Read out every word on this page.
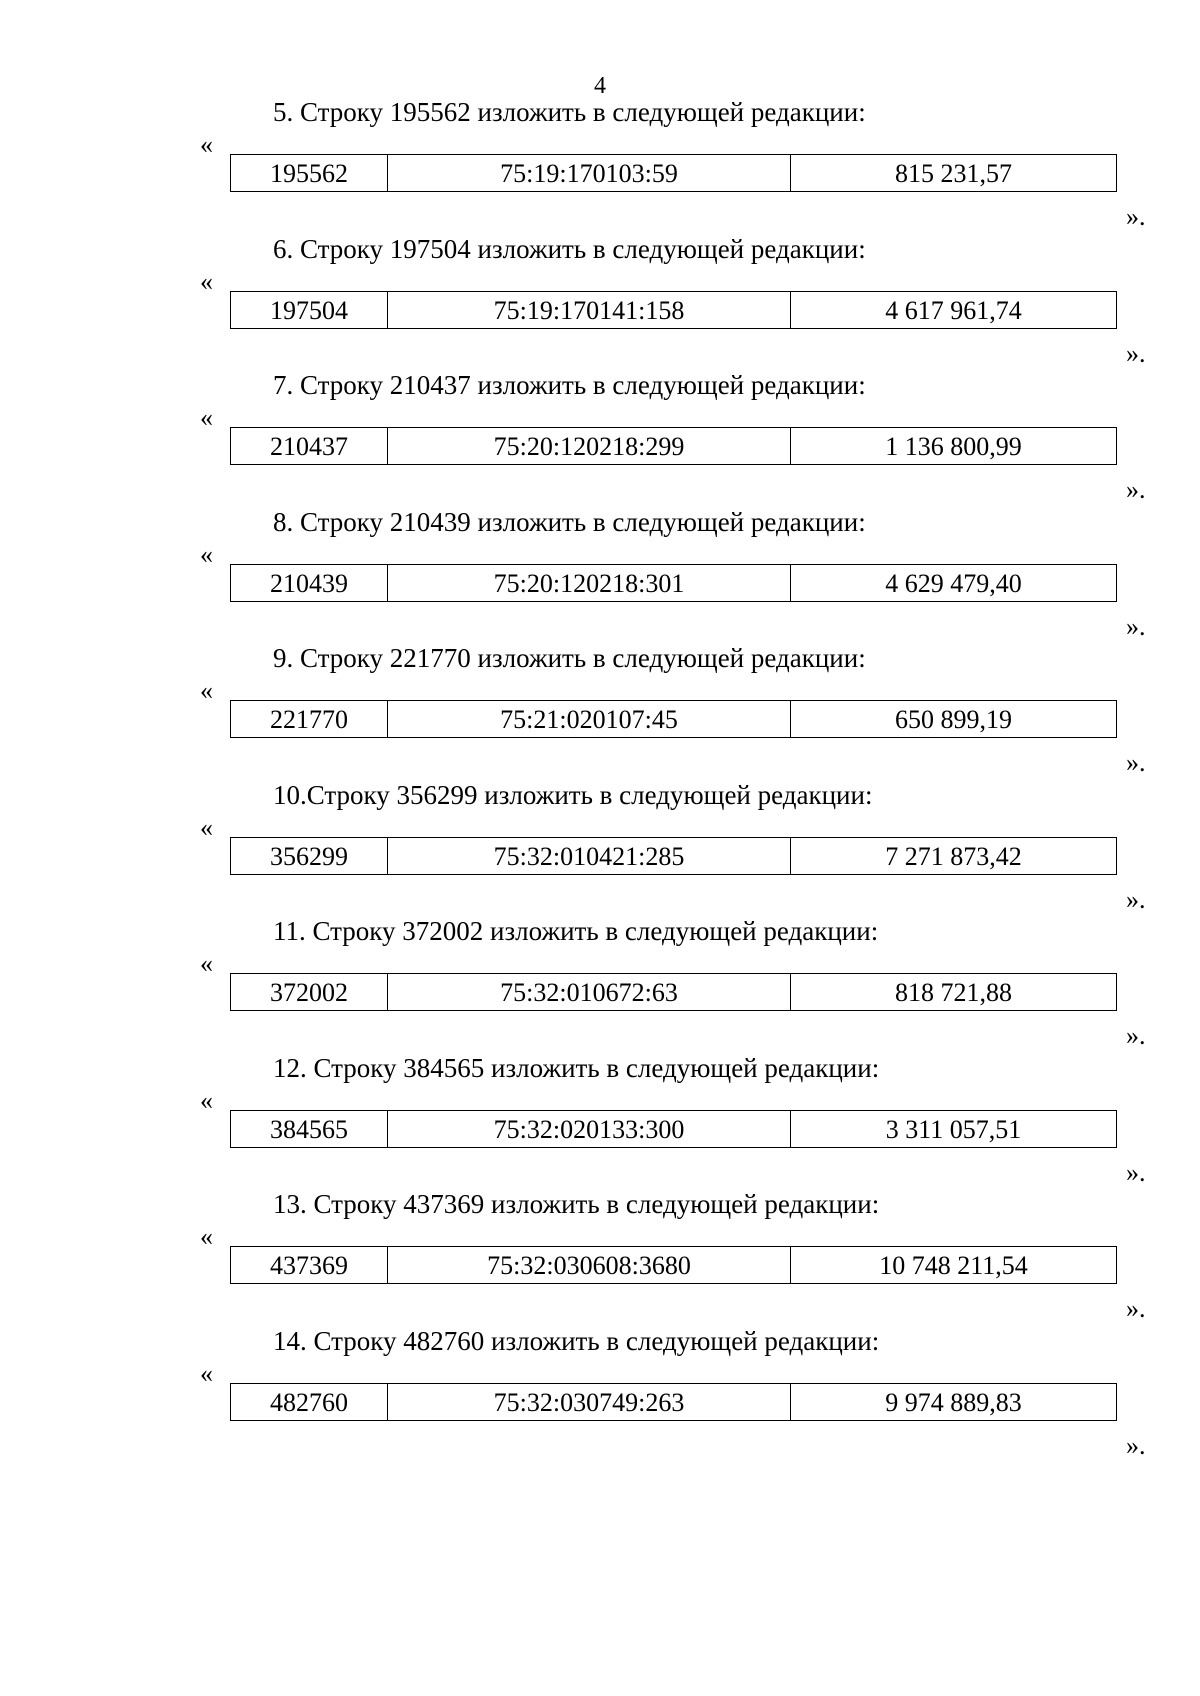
4
5. Строку 195562 изложить в следующей редакции:
«
195562	75:19:170103:59	815 231,57
».
6. Строку 197504 изложить в следующей редакции:
«
197504	75:19:170141:158	4 617 961,74
».
7. Строку 210437 изложить в следующей редакции:
«
210437	75:20:120218:299	1 136 800,99
».
8. Строку 210439 изложить в следующей редакции:
«
210439	75:20:120218:301	4 629 479,40
».
9. Строку 221770 изложить в следующей редакции:
«
221770	75:21:020107:45	650 899,19
».
10.Строку 356299 изложить в следующей редакции:
«
356299	75:32:010421:285	7 271 873,42
».
11. Строку 372002 изложить в следующей редакции:
«
372002	75:32:010672:63	818 721,88
».
12. Строку 384565 изложить в следующей редакции:
«
384565	75:32:020133:300	3 311 057,51
».
13. Строку 437369 изложить в следующей редакции:
«
437369	75:32:030608:3680	10 748 211,54
».
14. Строку 482760 изложить в следующей редакции:
«
482760	75:32:030749:263	9 974 889,83
».
